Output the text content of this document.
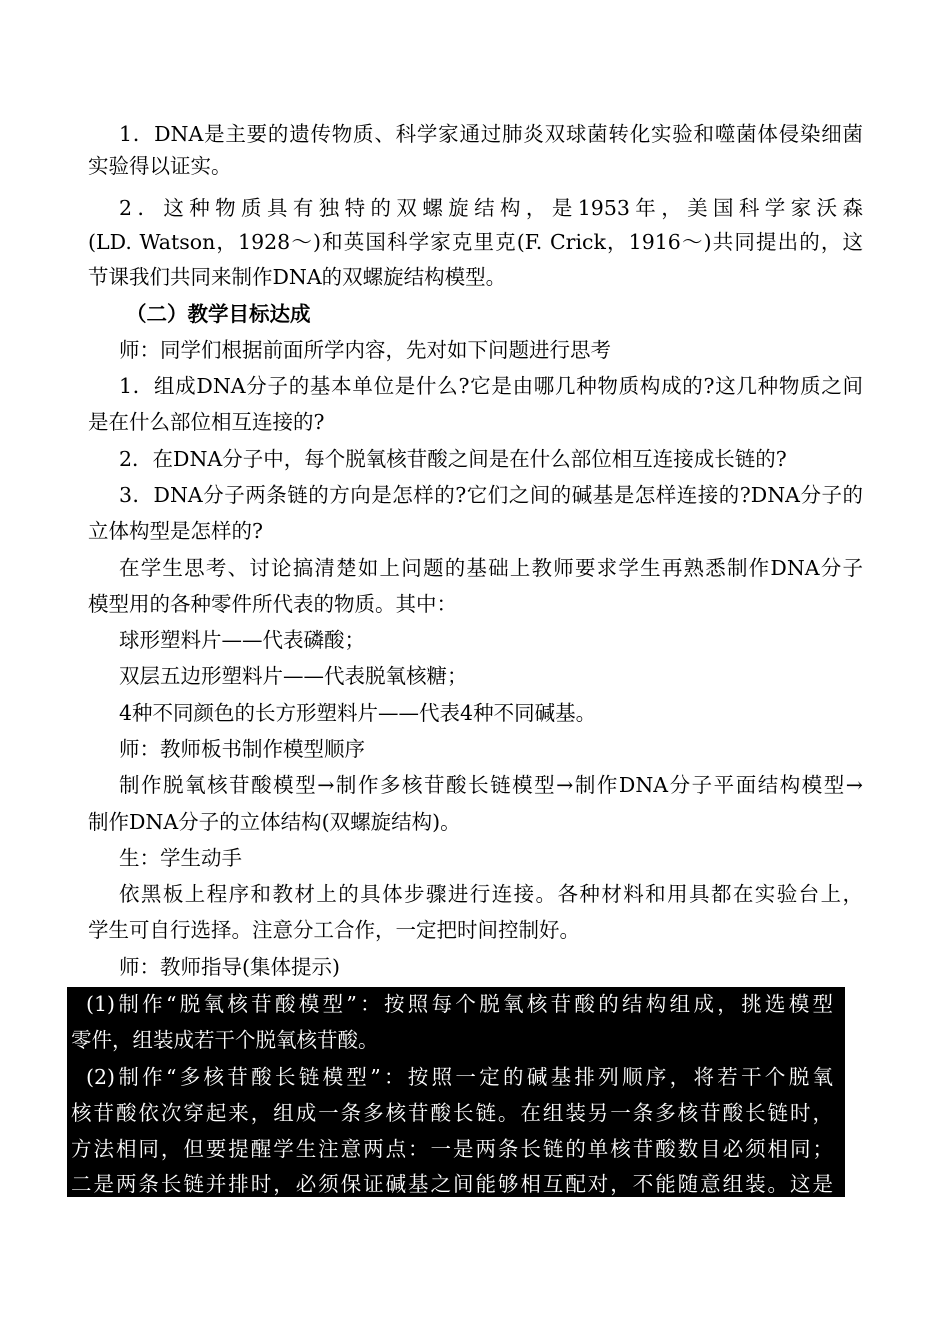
1．DNA是主要的遗传物质、科学家通过肺炎双球菌转化实验和噬菌体侵染细菌
实验得以证实。
2．这种物质具有独特的双螺旋结构，是1953年，美国科学家沃森
(LD. Watson，1928～)和英国科学家克里克(F. Crick，1916～)共同提出的，这
节课我们共同来制作DNA的双螺旋结构模型。
（二）教学目标达成
师：同学们根据前面所学内容，先对如下问题进行思考
1．组成DNA分子的基本单位是什么?它是由哪几种物质构成的?这几种物质之间
是在什么部位相互连接的?
2．在DNA分子中，每个脱氧核苷酸之间是在什么部位相互连接成长链的?
3．DNA分子两条链的方向是怎样的?它们之间的碱基是怎样连接的?DNA分子的
立体构型是怎样的?
在学生思考、讨论搞清楚如上问题的基础上教师要求学生再熟悉制作DNA分子
模型用的各种零件所代表的物质。其中：
球形塑料片——代表磷酸；
双层五边形塑料片——代表脱氧核糖；
4种不同颜色的长方形塑料片——代表4种不同碱基。
师：教师板书制作模型顺序
制作脱氧核苷酸模型→制作多核苷酸长链模型→制作DNA分子平面结构模型→
制作DNA分子的立体结构(双螺旋结构)。
生：学生动手
依黑板上程序和教材上的具体步骤进行连接。各种材料和用具都在实验台上，
学生可自行选择。注意分工合作，一定把时间控制好。
师：教师指导(集体提示)
(1)制作“脱氧核苷酸模型”：按照每个脱氧核苷酸的结构组成，挑选模型
零件，组装成若干个脱氧核苷酸。
(2)制作“多核苷酸长链模型”：按照一定的碱基排列顺序，将若干个脱氧
核苷酸依次穿起来，组成一条多核苷酸长链。在组装另一条多核苷酸长链时，
方法相同，但要提醒学生注意两点：一是两条长链的单核苷酸数目必须相同；
二是两条长链并排时，必须保证碱基之间能够相互配对，不能随意组装。这是
